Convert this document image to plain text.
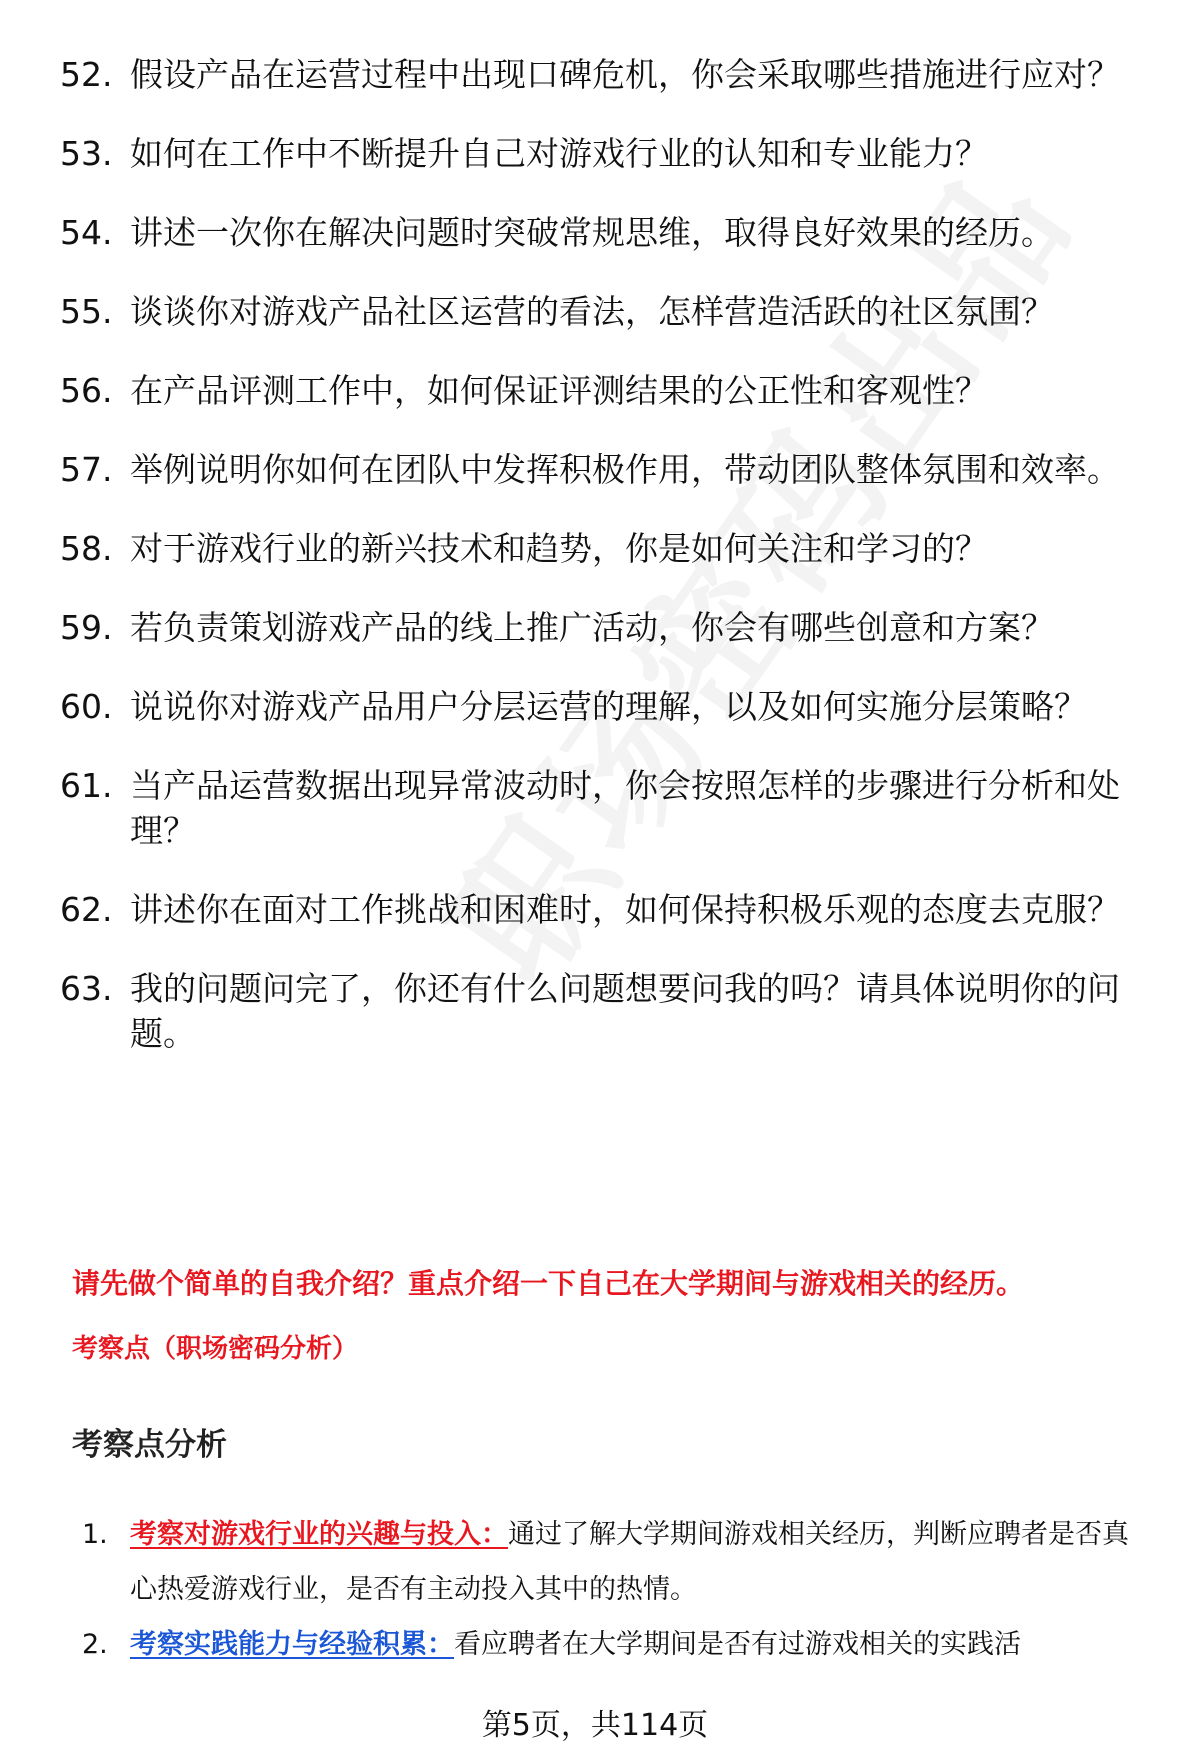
52. 假设产品在运营过程中出现口碑危机，你会采取哪些措施进行应对？
53. 如何在工作中不断提升自己对游戏行业的认知和专业能力？
54. 讲述一次你在解决问题时突破常规思维，取得良好效果的经历。
55. 谈谈你对游戏产品社区运营的看法，怎样营造活跃的社区氛围？
56. 在产品评测工作中，如何保证评测结果的公正性和客观性？
57. 举例说明你如何在团队中发挥积极作用，带动团队整体氛围和效率。
58. 对于游戏行业的新兴技术和趋势，你是如何关注和学习的？
59. 若负责策划游戏产品的线上推广活动，你会有哪些创意和方案？
60. 说说你对游戏产品用户分层运营的理解，以及如何实施分层策略？
61. 当产品运营数据出现异常波动时，你会按照怎样的步骤进行分析和处理？
62. 讲述你在面对工作挑战和困难时，如何保持积极乐观的态度去克服？
63. 我的问题问完了，你还有什么问题想要问我的吗？请具体说明你的问题。
请先做个简单的自我介绍？重点介绍一下自己在大学期间与游戏相关的经历。
考察点（职场密码分析）
考察点分析
1. 考察对游戏行业的兴趣与投入：通过了解大学期间游戏相关经历，判断应聘者是否真心热爱游戏行业，是否有主动投入其中的热情。
2. 考察实践能力与经验积累：看应聘者在大学期间是否有过游戏相关的实践活
第5页，共114页
